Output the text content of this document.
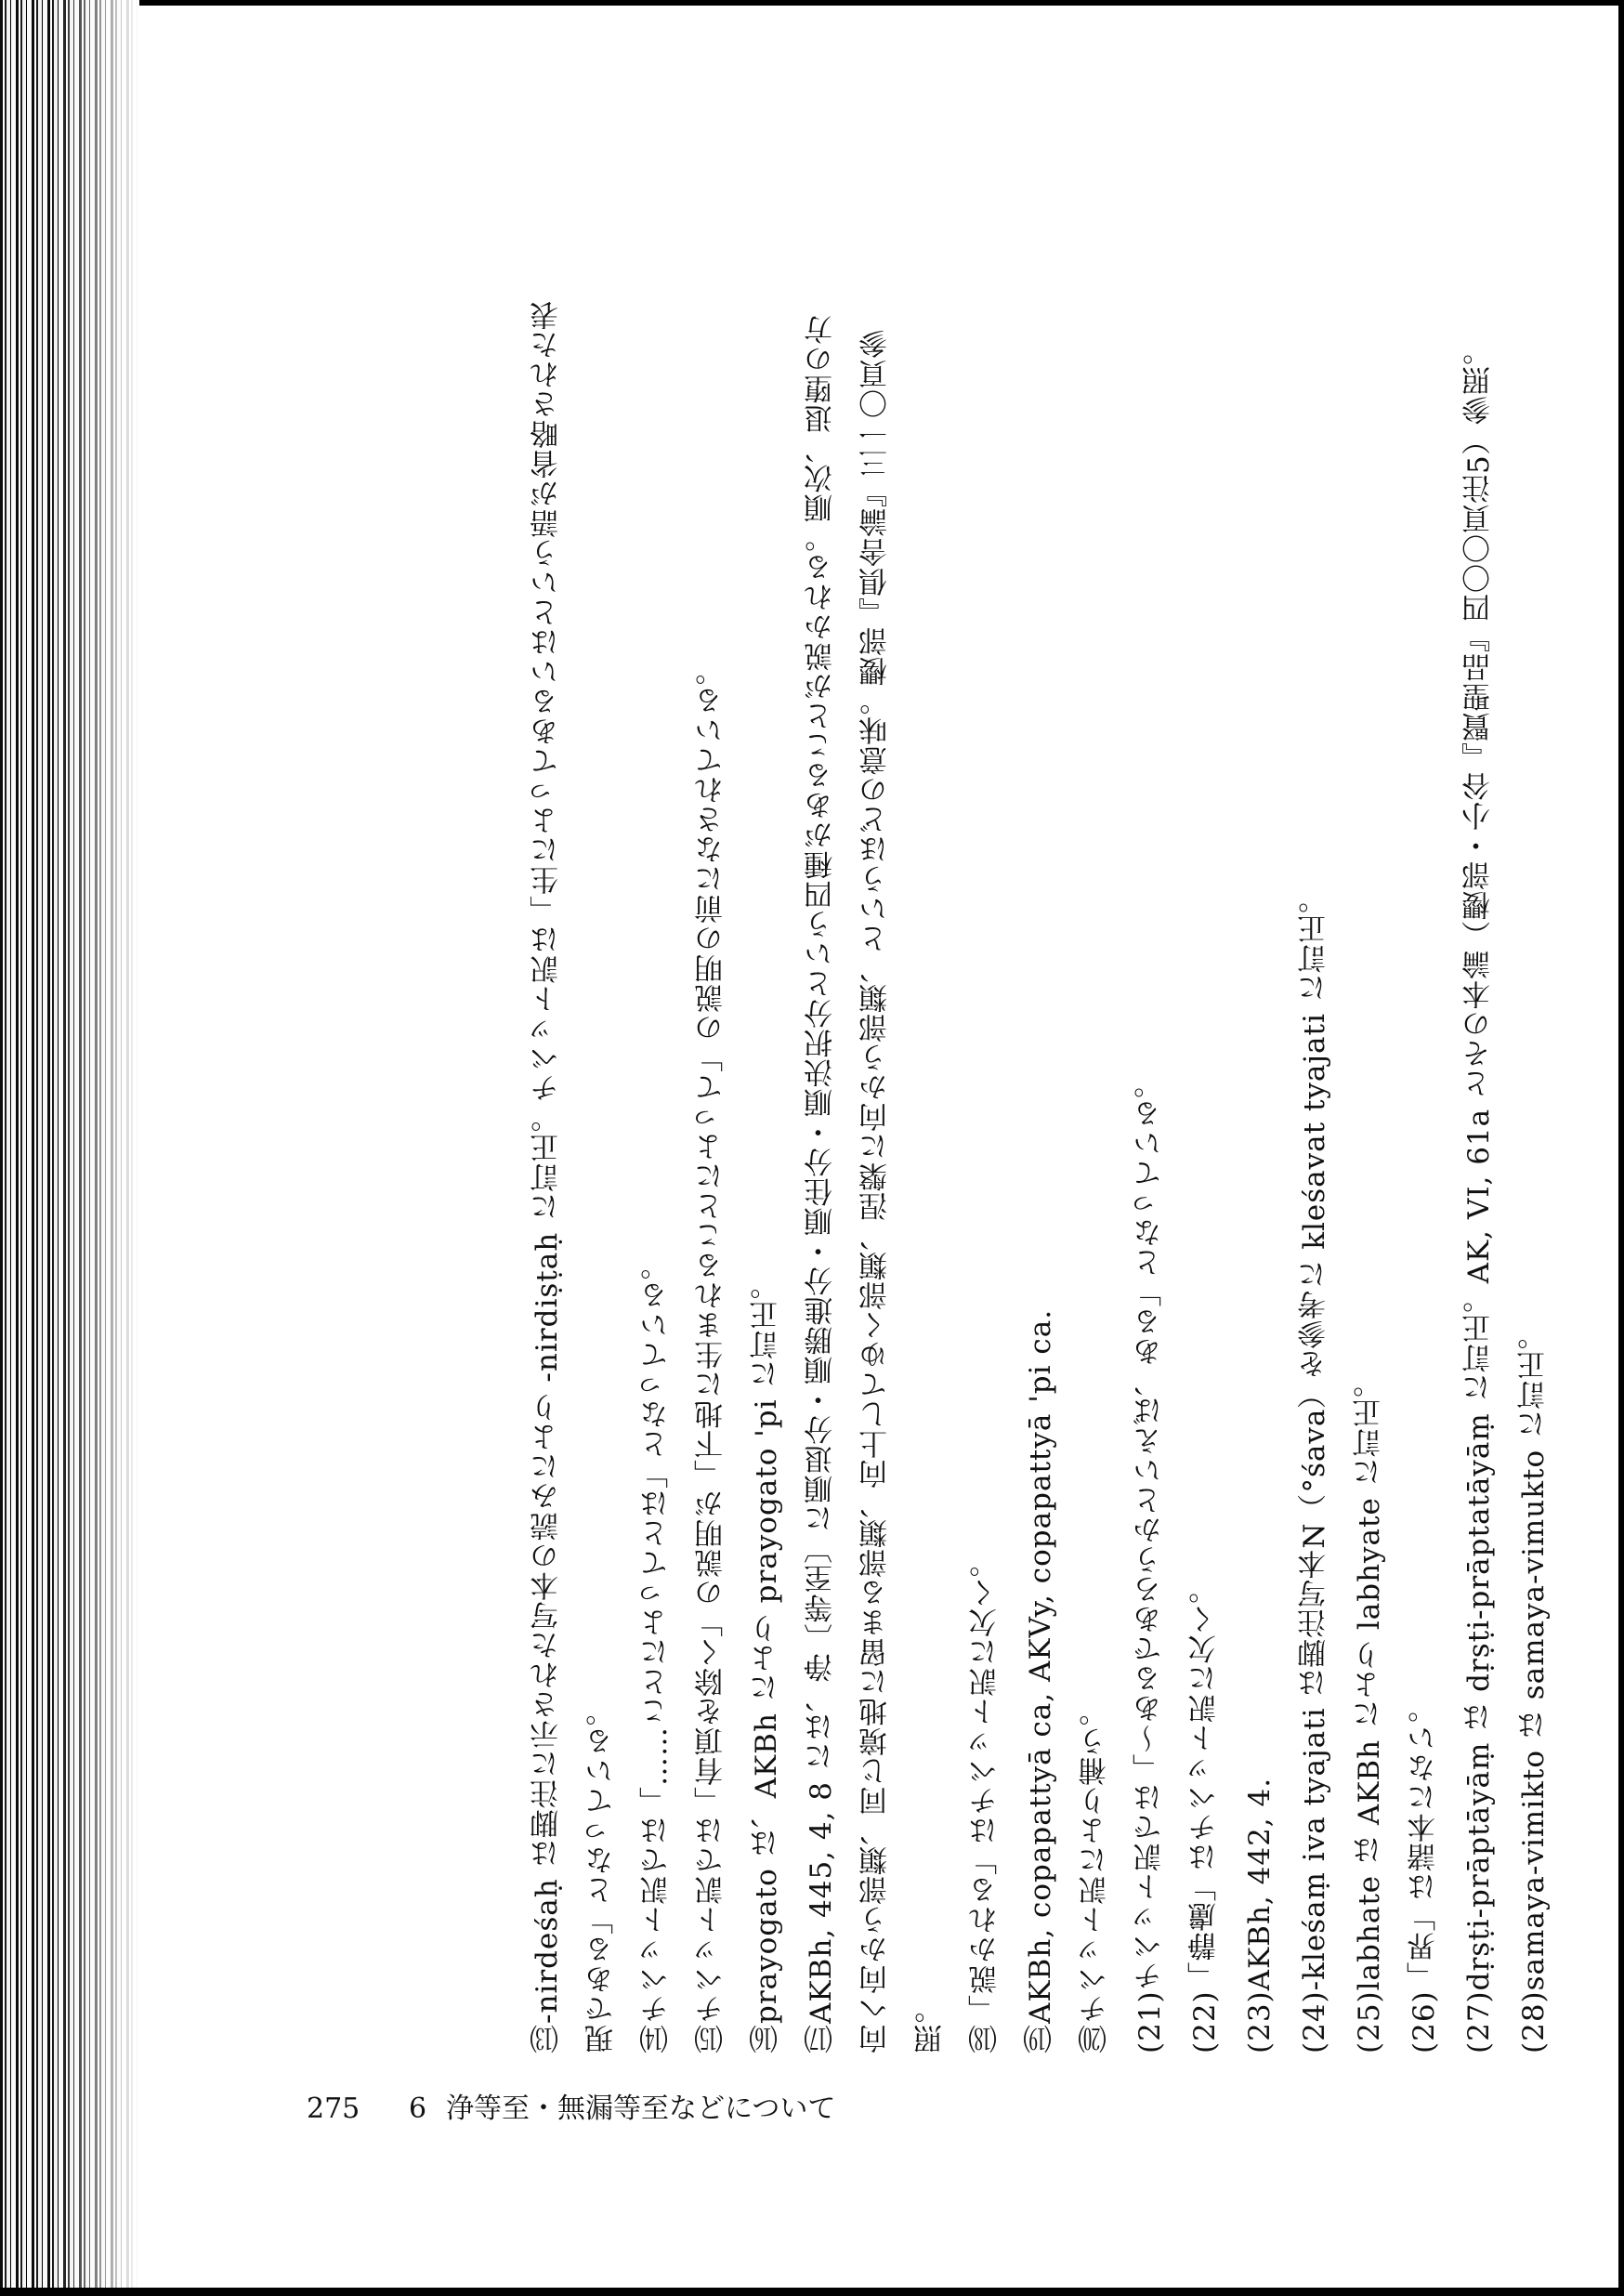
⒀-nirdeśaḥ は脚注に示された写本の読みにより -nirdiṣṭaḥ に訂正。チベット訳は「生によってあるいはという語が省略された表現である」となっている。 ⒁チベット訳では「……ことによってとは」となっている。

⒂チベット訳では「有頂を除く」の説明が「下地に生まれることによって」の説明の前になされている。

⒃prayogato は、AKBh により prayogato 'pi に訂正。

⒄AKBh, 445, 4, 8 には、浄〔等至〕に順退分・順勝進分・順住分・順決択分という四種があることが説かれる。順次、退堕の方向へ向かう部類、同じ境地に留まる部類、向上してゆく部類、涅槃に向かう部類、というほどの意味。櫻部『倶舎論』三一〇頁参照。 ⒅「説かれる」はチベット訳に欠く。

⒆AKBh, copapattyā ca, AKVy, copapattyā 'pi ca.

⒇チベット訳により補う。 (21)チベット訳では「～あるであろうかといえば、ある」となっている。

(22)「静慮」はチベット訳に欠く。

(23)AKBh, 442, 4.

(24)-kleśaṃ iva tyajati は脚注写本N（°śava）を参考に kleśavat tyajati に訂正。

(25)labhate は AKBh により labhyate に訂正。

(26)「界」は諸本にない。

(27)dṛṣṭi-prāptāyāṃ は dṛṣṭi-prāptatāyāṃ に訂正。AK, VI, 61a とその本論（櫻部・小谷『賢聖品』四〇〇頁注5）参照。

(28)samaya-vimikto は samaya-vimukto に訂正。

275 6 浄等至・無漏等至などについて
